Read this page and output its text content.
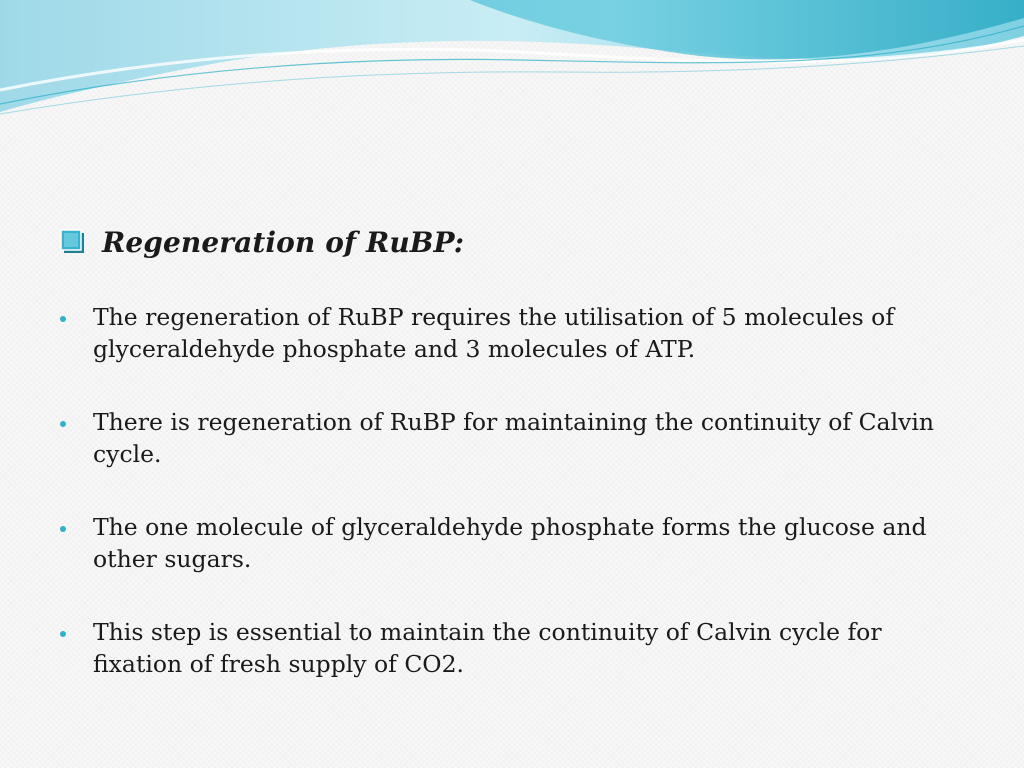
Regeneration of RuBP:
The regeneration of RuBP requires the utilisation of 5 molecules of glyceraldehyde phosphate and 3 molecules of ATP.
There is regeneration of RuBP for maintaining the continuity of Calvin cycle.
The one molecule of glyceraldehyde phosphate forms the glucose and other sugars.
This step is essential to maintain the continuity of Calvin cycle for fixation of fresh supply of CO2.
